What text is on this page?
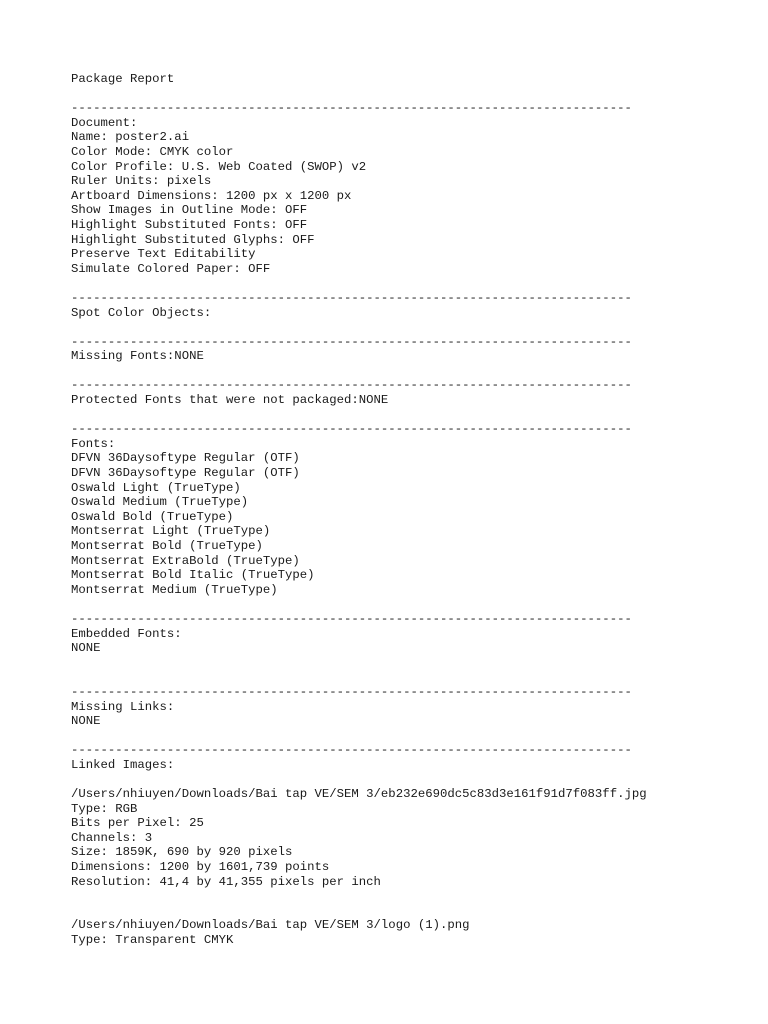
Package Report
----------------------------------------------------------------------------
Document:
Name: poster2.ai
Color Mode: CMYK color
Color Profile: U.S. Web Coated (SWOP) v2
Ruler Units: pixels
Artboard Dimensions: 1200 px x 1200 px
Show Images in Outline Mode: OFF
Highlight Substituted Fonts: OFF
Highlight Substituted Glyphs: OFF
Preserve Text Editability
Simulate Colored Paper: OFF
----------------------------------------------------------------------------
Spot Color Objects:
----------------------------------------------------------------------------
Missing Fonts:NONE
----------------------------------------------------------------------------
Protected Fonts that were not packaged:NONE
----------------------------------------------------------------------------
Fonts:
DFVN 36Daysoftype Regular (OTF)
DFVN 36Daysoftype Regular (OTF)
Oswald Light (TrueType)
Oswald Medium (TrueType)
Oswald Bold (TrueType)
Montserrat Light (TrueType)
Montserrat Bold (TrueType)
Montserrat ExtraBold (TrueType)
Montserrat Bold Italic (TrueType)
Montserrat Medium (TrueType)
----------------------------------------------------------------------------
Embedded Fonts:
NONE
----------------------------------------------------------------------------
Missing Links:
NONE
----------------------------------------------------------------------------
Linked Images:
/Users/nhiuyen/Downloads/Bai tap VE/SEM 3/eb232e690dc5c83d3e161f91d7f083ff.jpg
Type: RGB
Bits per Pixel: 25
Channels: 3
Size: 1859K, 690 by 920 pixels
Dimensions: 1200 by 1601,739 points
Resolution: 41,4 by 41,355 pixels per inch
/Users/nhiuyen/Downloads/Bai tap VE/SEM 3/logo (1).png
Type: Transparent CMYK
